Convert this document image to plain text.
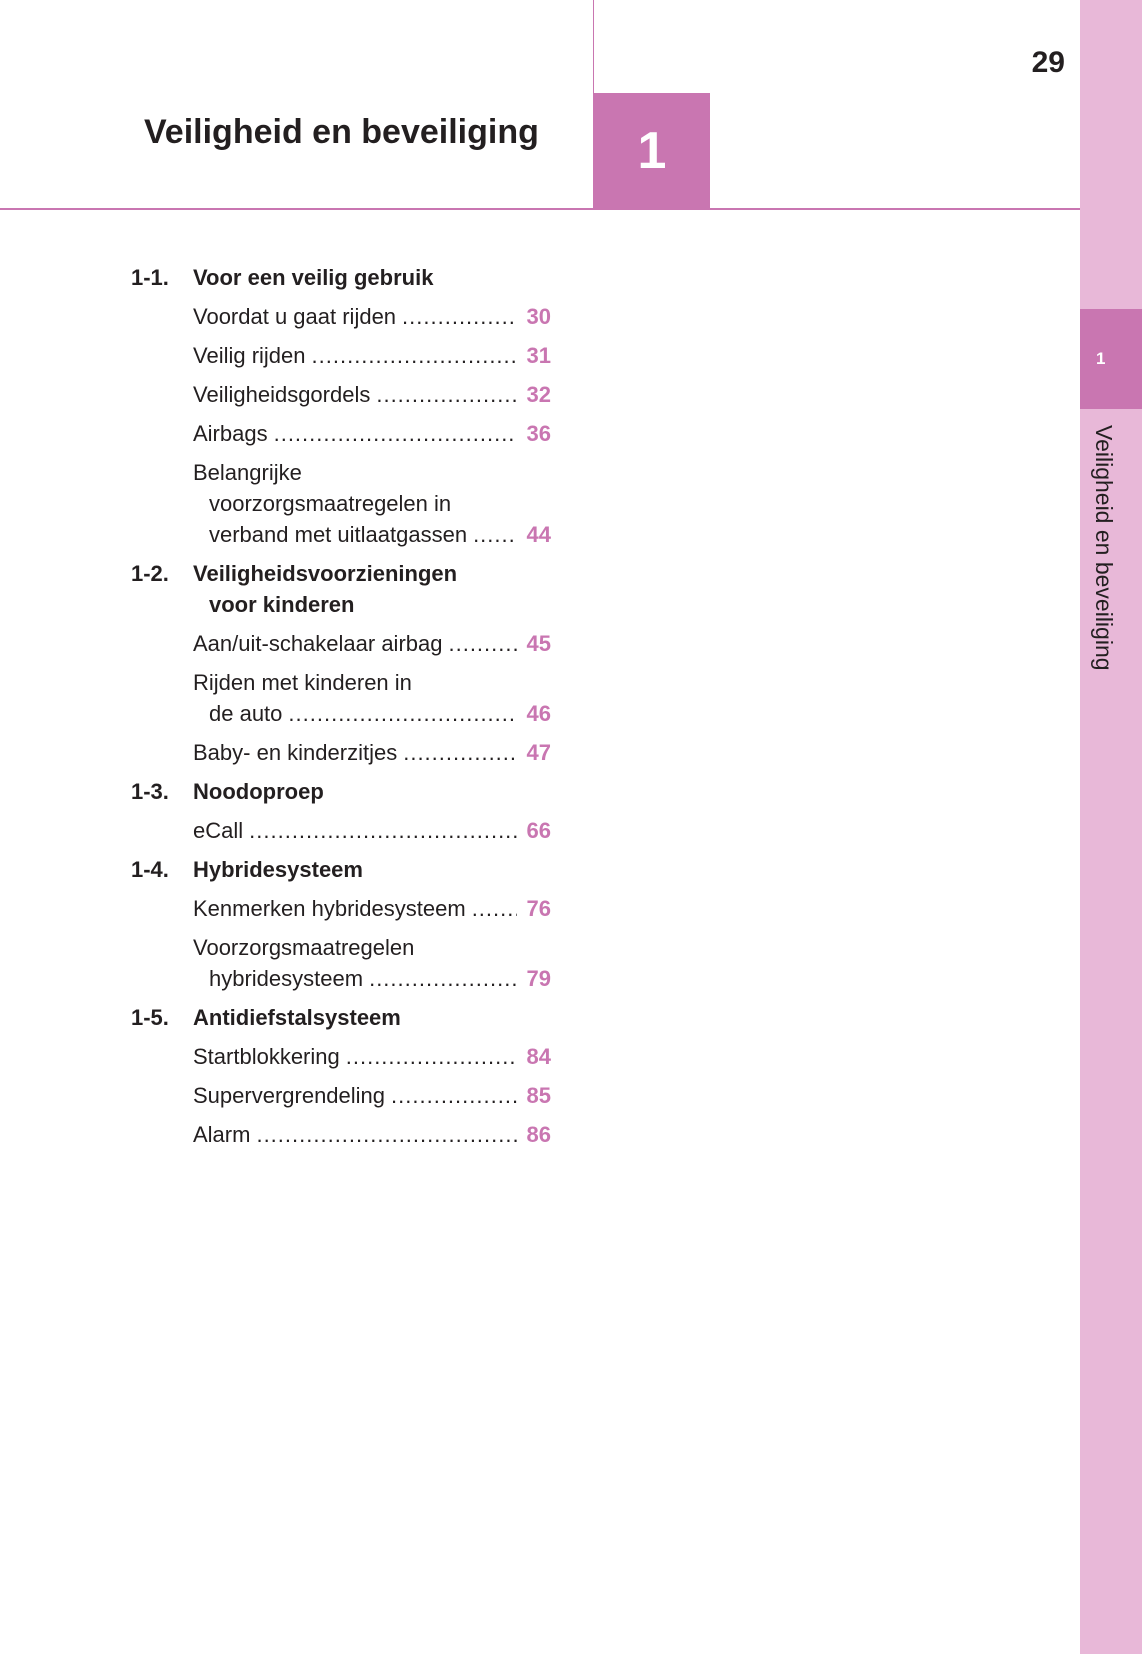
1
Veiligheid en beveiliging
29
1
Veiligheid en beveiliging
1-1.	Voor een veilig gebruik
Voordat u gaat rijden .....	30
Veilig rijden .....	31
Veiligheidsgordels .....	32
Airbags .....	36
Belangrijke
voorzorgsmaatregelen in
verband met uitlaatgassen .....	44
1-2.	Veiligheidsvoorzieningen
voor kinderen
Aan/uit-schakelaar airbag .....	45
Rijden met kinderen in
de auto .....	46
Baby- en kinderzitjes .....	47
1-3.	Noodoproep
eCall .....	66
1-4.	Hybridesysteem
Kenmerken hybridesysteem .....	76
Voorzorgsmaatregelen
hybridesysteem .....	79
1-5.	Antidiefstalsysteem
Startblokkering .....	84
Supervergrendeling .....	85
Alarm .....	86
